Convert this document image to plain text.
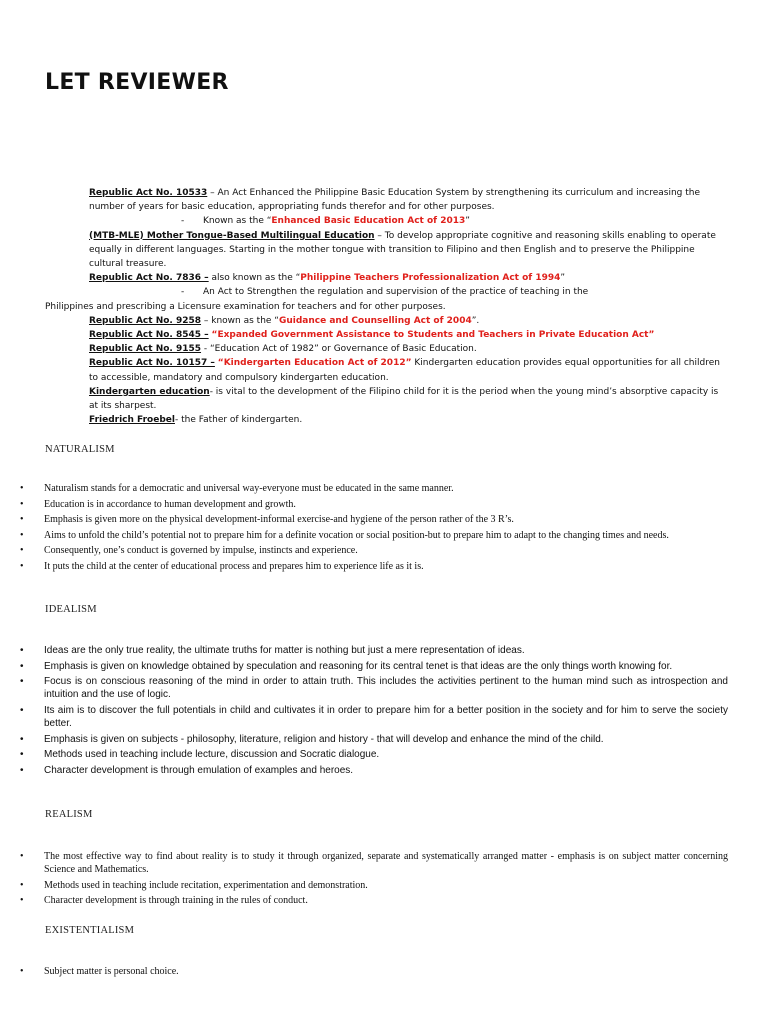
LET REVIEWER

Republic Act No. 10533 – An Act Enhanced the Philippine Basic Education System by strengthening its curriculum and increasing the number of years for basic education, appropriating funds therefor and for other purposes.

- Known as the “Enhanced Basic Education Act of 2013”

(MTB-MLE) Mother Tongue-Based Multilingual Education – To develop appropriate cognitive and reasoning skills enabling to operate equally in different languages. Starting in the mother tongue with transition to Filipino and then English and to preserve the Philippine cultural treasure.

Republic Act No. 7836 – also known as the “Philippine Teachers Professionalization Act of 1994”

- An Act to Strengthen the regulation and supervision of the practice of teaching in the

Philippines and prescribing a Licensure examination for teachers and for other purposes.

Republic Act No. 9258 – known as the “Guidance and Counselling Act of 2004”.

Republic Act No. 8545 – “Expanded Government Assistance to Students and Teachers in Private Education Act”

Republic Act No. 9155 - “Education Act of 1982” or Governance of Basic Education.

Republic Act No. 10157 – “Kindergarten Education Act of 2012” Kindergarten education provides equal opportunities for all children to accessible, mandatory and compulsory kindergarten education.

Kindergarten education- is vital to the development of the Filipino child for it is the period when the young mind’s absorptive capacity is at its sharpest.

Friedrich Froebel- the Father of kindergarten.

NATURALISM
• Naturalism stands for a democratic and universal way-everyone must be educated in the same manner.
• Education is in accordance to human development and growth.
• Emphasis is given more on the physical development-informal exercise-and hygiene of the person rather of the 3 R’s.
• Aims to unfold the child’s potential not to prepare him for a definite vocation or social position-but to prepare him to adapt to the changing times and needs.
• Consequently, one’s conduct is governed by impulse, instincts and experience.
• It puts the child at the center of educational process and prepares him to experience life as it is.
IDEALISM
• Ideas are the only true reality, the ultimate truths for matter is nothing but just a mere representation of ideas.
• Emphasis is given on knowledge obtained by speculation and reasoning for its central tenet is that ideas are the only things worth knowing for.
• Focus is on conscious reasoning of the mind in order to attain truth. This includes the activities pertinent to the human mind such as introspection and intuition and the use of logic.
• Its aim is to discover the full potentials in child and cultivates it in order to prepare him for a better position in the society and for him to serve the society better.
• Emphasis is given on subjects - philosophy, literature, religion and history - that will develop and enhance the mind of the child.
• Methods used in teaching include lecture, discussion and Socratic dialogue.
• Character development is through emulation of examples and heroes.
REALISM
• The most effective way to find about reality is to study it through organized, separate and systematically arranged matter - emphasis is on subject matter concerning Science and Mathematics.
• Methods used in teaching include recitation, experimentation and demonstration.
• Character development is through training in the rules of conduct.
EXISTENTIALISM
• Subject matter is personal choice.
